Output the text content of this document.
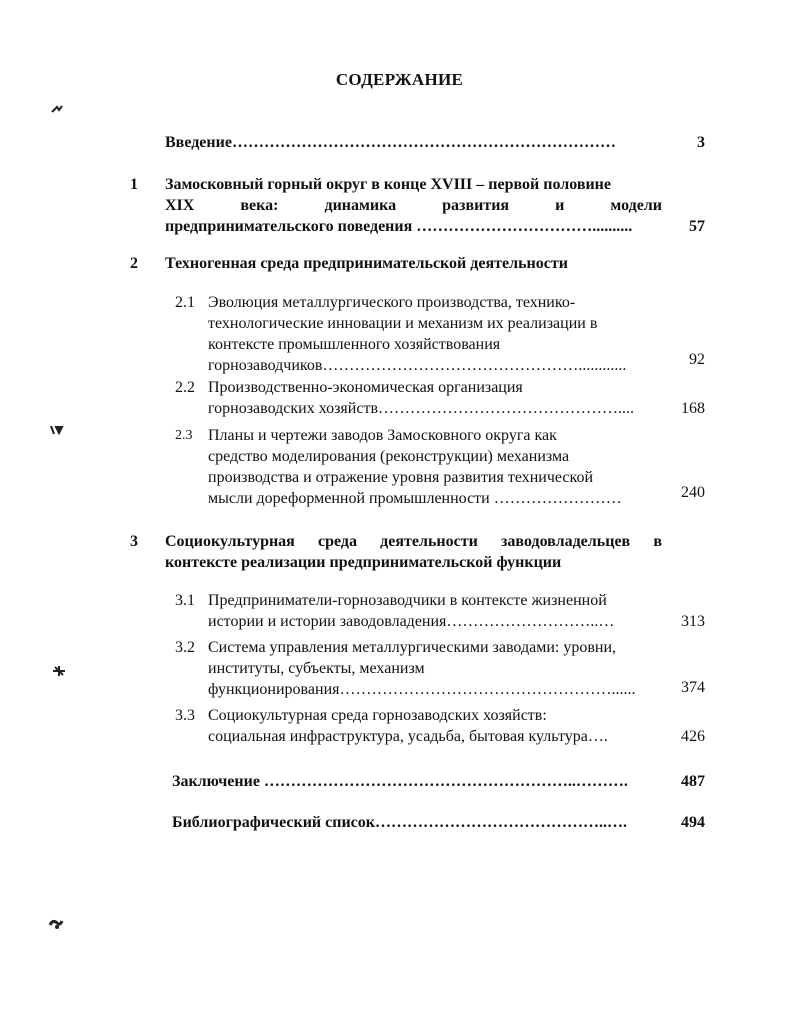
СОДЕРЖАНИЕ
Введение………………………………………………………………	3
1 Замосковный горный округ в конце XVIII – первой половине
XIX века: динамика развития и модели
предпринимательского поведения ……………………………..........	57
2 Техногенная среда предпринимательской деятельности
2.1 Эволюция металлургического производства, технико-
технологические инновации и механизм их реализации в
контексте промышленного хозяйствования
горнозаводчиков…………………………………………............	92
2.2 Производственно-экономическая организация
горнозаводских хозяйств………………………………………....	168
2.3 Планы и чертежи заводов Замосковного округа как
средство моделирования (реконструкции) механизма
производства и отражение уровня развития технической
мысли дореформенной промышленности ……………………	240
3 Социокультурная среда деятельности заводовладельцев в
контексте реализации предпринимательской функции
3.1 Предприниматели-горнозаводчики в контексте жизненной
истории и истории заводовладения………………………..…	313
3.2 Система управления металлургическими заводами: уровни,
институты, субъекты, механизм
функционирования……………………………………………......	374
3.3 Социокультурная среда горнозаводских хозяйств:
социальная инфраструктура, усадьба, бытовая культура….	426
Заключение …………………………………………………..……….	487
Библиографический список……………………………………..….	494
